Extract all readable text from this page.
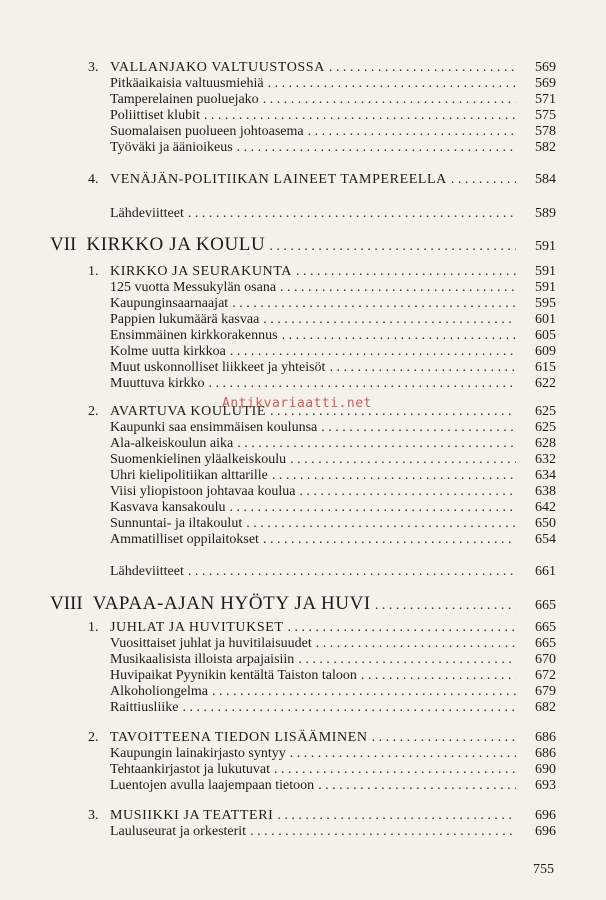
3. VALLANJAKO VALTUUSTOSSA . . .	569
Pitkäaikaisia valtuusmiehiä . . .	569
Tamperelainen puoluejako . . .	571
Poliittiset klubit . . .	575
Suomalaisen puolueen johtoasema . . .	578
Työväki ja äänioikeus . . .	582
4. VENÄJÄN-POLITIIKAN LAINEET TAMPEREELLA . . .	584
Lähdeviitteet . . .	589
VII KIRKKO JA KOULU . . .	591
1. KIRKKO JA SEURAKUNTA . . .	591
125 vuotta Messukylän osana . . .	591
Kaupunginsaarnaajat . . .	595
Pappien lukumäärä kasvaa . . .	601
Ensimmäinen kirkkorakennus . . .	605
Kolme uutta kirkkoa . . .	609
Muut uskonnolliset liikkeet ja yhteisöt . . .	615
Muuttuva kirkko . . .	622
2. AVARTUVA KOULUTIE . . .	625
Kaupunki saa ensimmäisen koulunsa . . .	625
Ala-alkeiskoulun aika . . .	628
Suomenkielinen yläalkeiskoulu . . .	632
Uhri kielipolitiikan alttarille . . .	634
Viisi yliopistoon johtavaa koulua . . .	638
Kasvava kansakoulu . . .	642
Sunnuntai- ja iltakoulut . . .	650
Ammatilliset oppilaitokset . . .	654
Lähdeviitteet . . .	661
VIII VAPAA-AJAN HYÖTY JA HUVI . . .	665
1. JUHLAT JA HUVITUKSET . . .	665
Vuosittaiset juhlat ja huvitilaisuudet . . .	665
Musikaalisista illoista arpajaisiin . . .	670
Huvipaikat Pyynikin kentältä Taiston taloon . . .	672
Alkoholiongelma . . .	679
Raittiusliike . . .	682
2. TAVOITTEENA TIEDON LISÄÄMINEN . . .	686
Kaupungin lainakirjasto syntyy . . .	686
Tehtaankirjastot ja lukutuvat . . .	690
Luentojen avulla laajempaan tietoon . . .	693
3. MUSIIKKI JA TEATTERI . . .	696
Lauluseurat ja orkesterit . . .	696
Antikvariaatti.net
755
